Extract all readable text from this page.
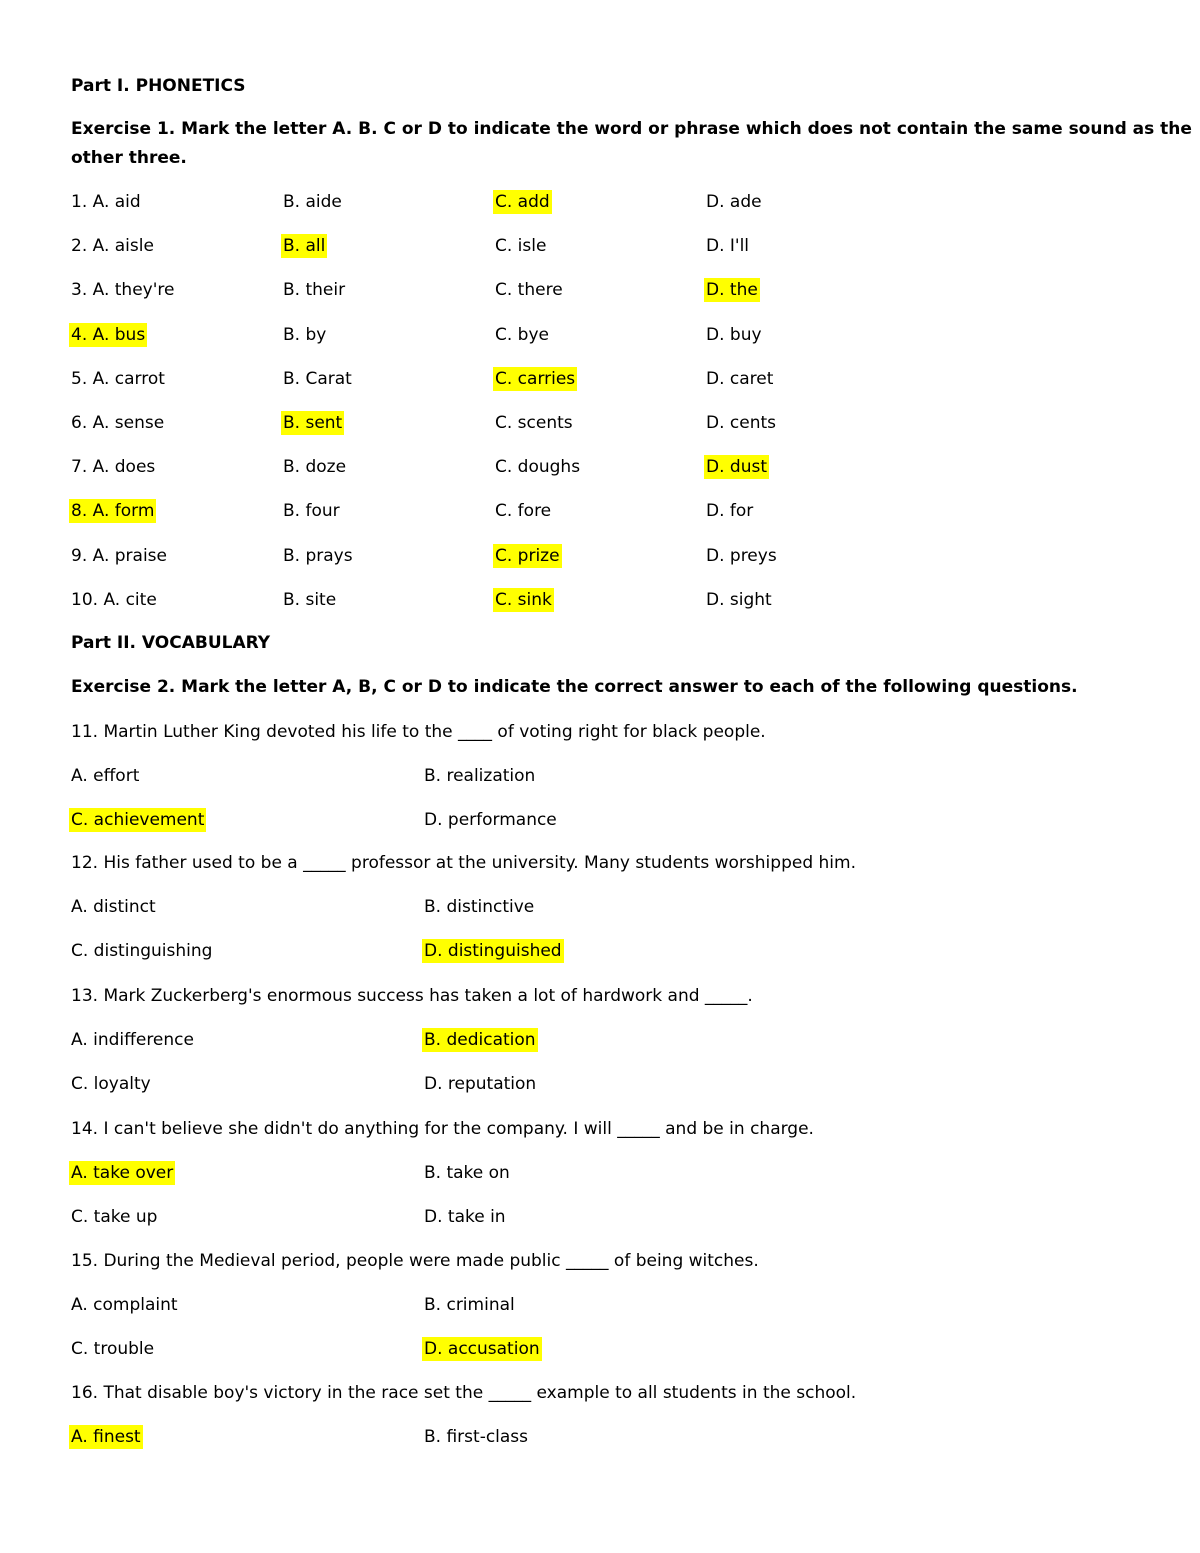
Part I. PHONETICS
Exercise 1. Mark the letter A. B. C or D to indicate the word or phrase which does not contain the same sound as the
other three.
1. A. aid	B. aide	C. add	D. ade
2. A. aisle	B. all	C. isle	D. I'll
3. A. they're	B. their	C. there	D. the
4. A. bus	B. by	C. bye	D. buy
5. A. carrot	B. Carat	C. carries	D. caret
6. A. sense	B. sent	C. scents	D. cents
7. A. does	B. doze	C. doughs	D. dust
8. A. form	B. four	C. fore	D. for
9. A. praise	B. prays	C. prize	D. preys
10. A. cite	B. site	C. sink	D. sight
Part II. VOCABULARY
Exercise 2. Mark the letter A, B, C or D to indicate the correct answer to each of the following questions.
11. Martin Luther King devoted his life to the ____ of voting right for black people.
A. effort	B. realization
C. achievement	D. performance
12. His father used to be a _____ professor at the university. Many students worshipped him.
A. distinct	B. distinctive
C. distinguishing	D. distinguished
13. Mark Zuckerberg's enormous success has taken a lot of hardwork and _____.
A. indifference	B. dedication
C. loyalty	D. reputation
14. I can't believe she didn't do anything for the company. I will _____ and be in charge.
A. take over	B. take on
C. take up	D. take in
15. During the Medieval period, people were made public _____ of being witches.
A. complaint	B. criminal
C. trouble	D. accusation
16. That disable boy's victory in the race set the _____ example to all students in the school.
A. finest	B. first-class
